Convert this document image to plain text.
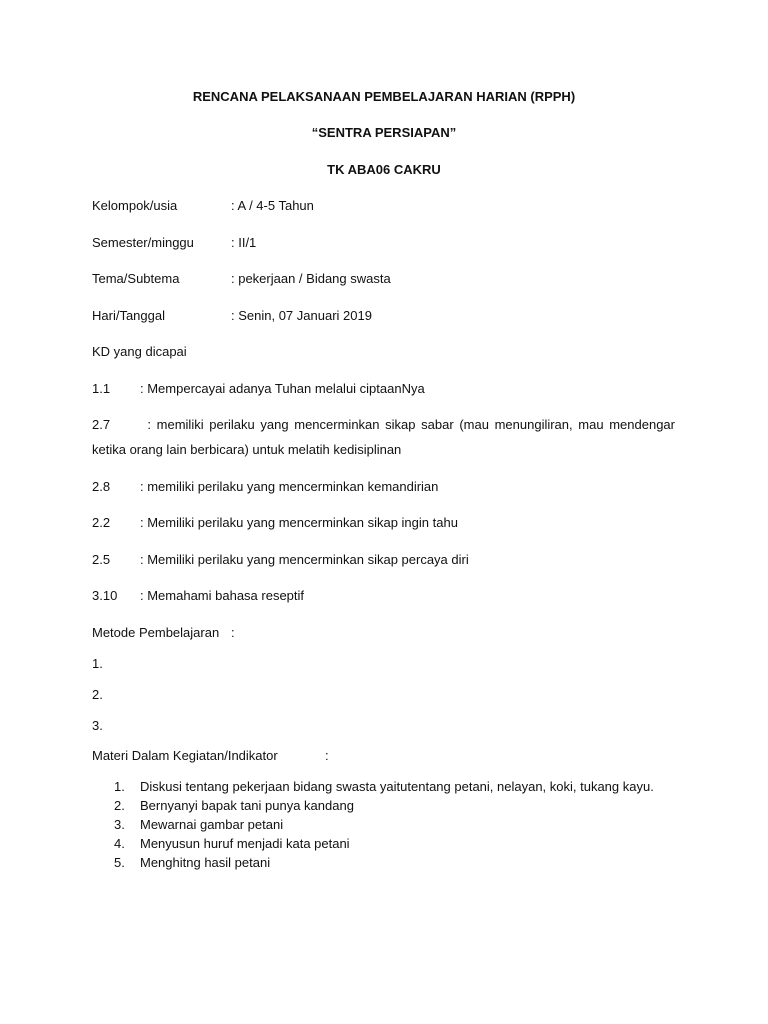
RENCANA PELAKSANAAN PEMBELAJARAN HARIAN (RPPH)
“SENTRA PERSIAPAN”
TK ABA06 CAKRU
Kelompok/usia	: A / 4-5 Tahun
Semester/minggu	: II/1
Tema/Subtema	: pekerjaan / Bidang swasta
Hari/Tanggal	: Senin, 07 Januari 2019
KD yang dicapai
1.1 : Mempercayai adanya Tuhan melalui ciptaanNya
2.7	: memiliki perilaku yang mencerminkan sikap sabar (mau menungiliran, mau mendengar
ketika orang lain berbicara) untuk melatih kedisiplinan
2.8 : memiliki perilaku yang mencerminkan kemandirian
2.2 : Memiliki perilaku yang mencerminkan sikap ingin tahu
2.5 : Memiliki perilaku yang mencerminkan sikap percaya diri
3.10 : Memahami bahasa reseptif
Metode Pembelajaran :
1.
2.
3.
Materi Dalam Kegiatan/Indikator	:
1.	Diskusi tentang pekerjaan bidang swasta yaitutentang petani, nelayan, koki, tukang kayu.
2.	Bernyanyi bapak tani punya kandang
3.	Mewarnai gambar petani
4.	Menyusun huruf menjadi kata petani
5.	Menghitng hasil petani
